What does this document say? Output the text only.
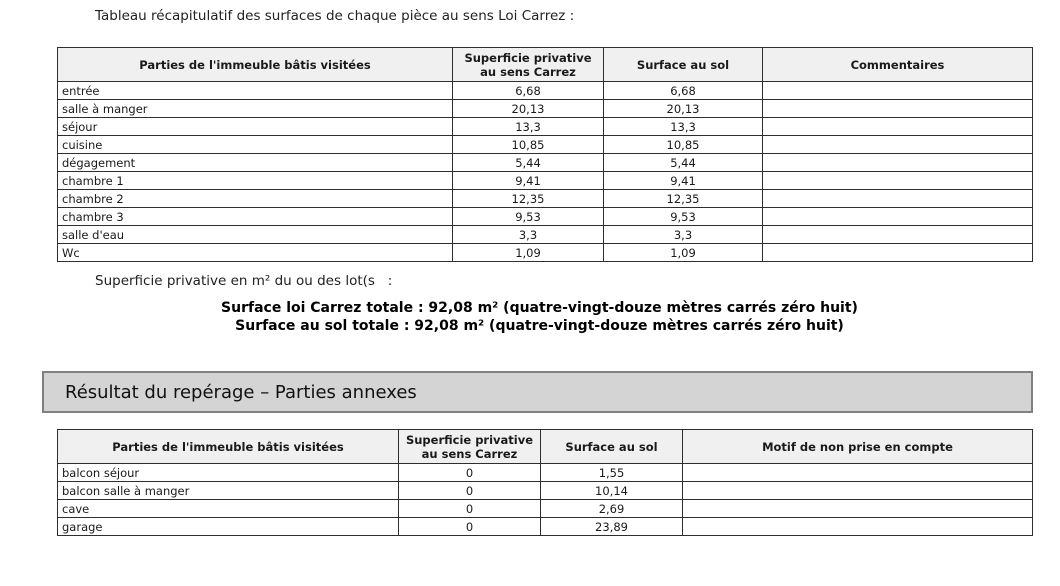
Tableau récapitulatif des surfaces de chaque pièce au sens Loi Carrez :
Parties de l'immeuble bâtis visitées	Superficie privative au sens Carrez	Surface au sol	Commentaires
entrée	6,68	6,68	
salle à manger	20,13	20,13	
séjour	13,3	13,3	
cuisine	10,85	10,85	
dégagement	5,44	5,44	
chambre 1	9,41	9,41	
chambre 2	12,35	12,35	
chambre 3	9,53	9,53	
salle d'eau	3,3	3,3	
Wc	1,09	1,09	
Superficie privative en m² du ou des lot(s   :
Surface loi Carrez totale : 92,08 m² (quatre-vingt-douze mètres carrés zéro huit)
Surface au sol totale : 92,08 m² (quatre-vingt-douze mètres carrés zéro huit)
Résultat du repérage – Parties annexes
Parties de l'immeuble bâtis visitées	Superficie privative au sens Carrez	Surface au sol	Motif de non prise en compte
balcon séjour	0	1,55	
balcon salle à manger	0	10,14	
cave	0	2,69	
garage	0	23,89	
